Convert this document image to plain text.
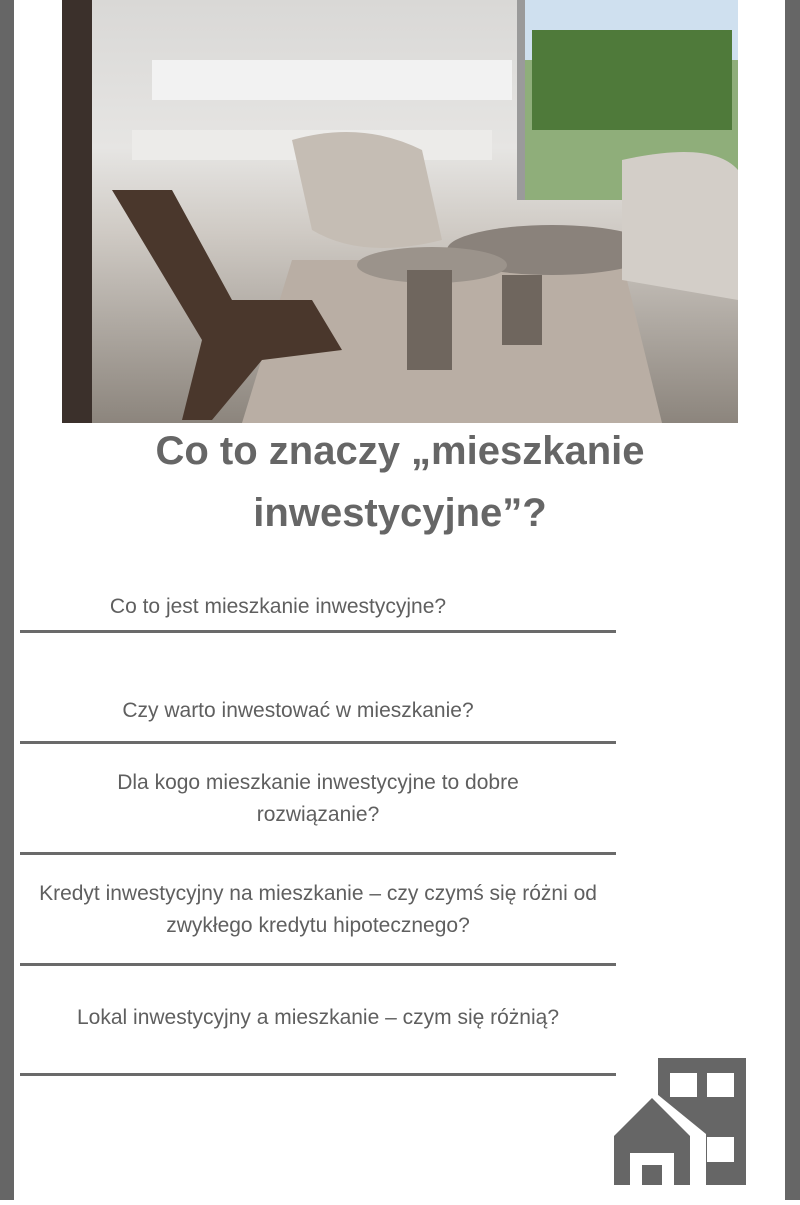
Co to znaczy „mieszkanie inwestycyjne”?
Co to jest mieszkanie inwestycyjne?
Czy warto inwestować w mieszkanie?
Dla kogo mieszkanie inwestycyjne to dobre rozwiązanie?
Kredyt inwestycyjny na mieszkanie – czy czymś się różni od zwykłego kredytu hipotecznego?
Lokal inwestycyjny a mieszkanie – czym się różnią?
